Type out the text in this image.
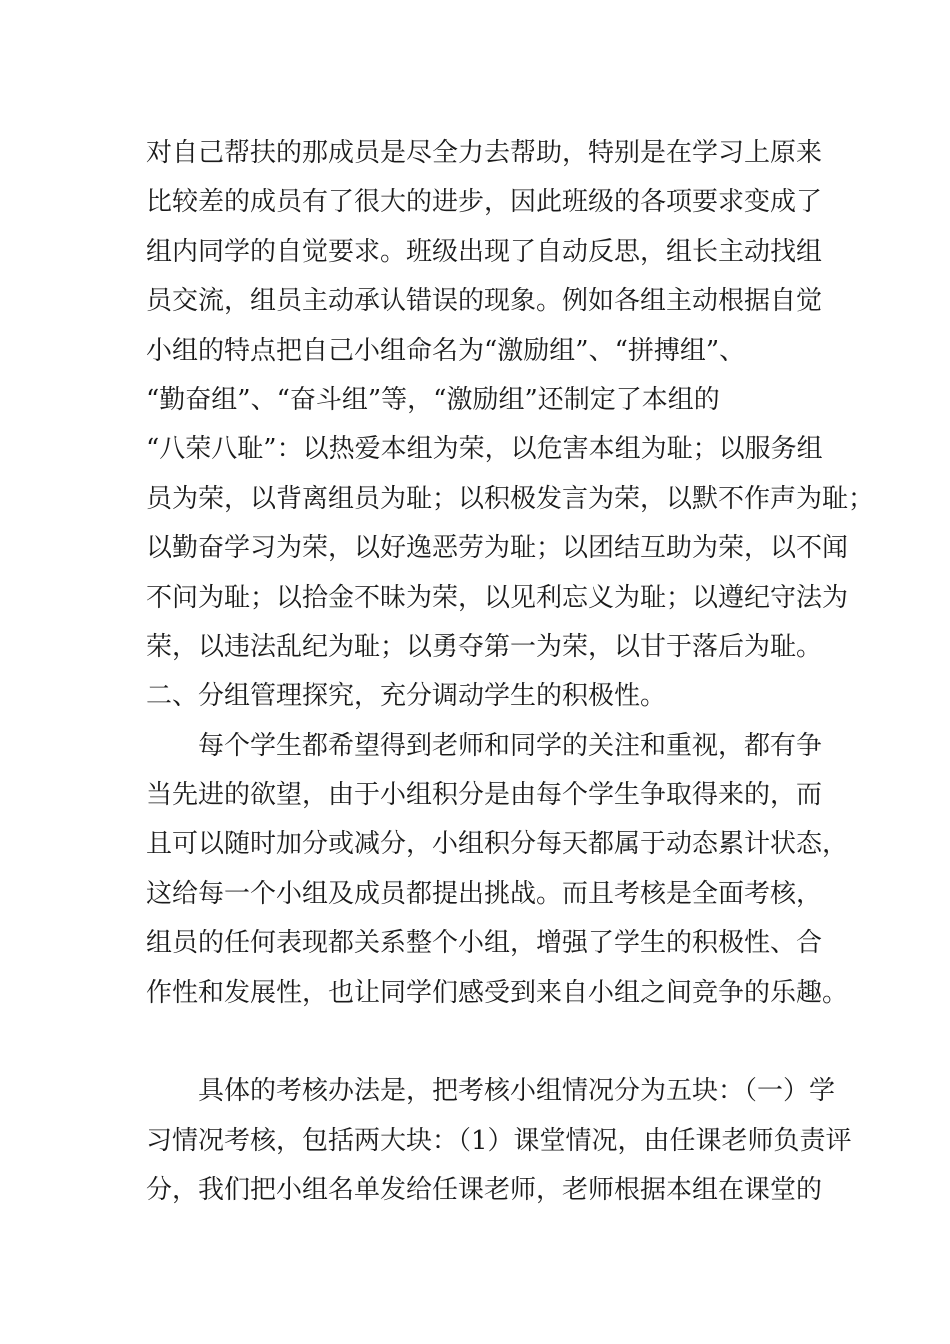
对自己帮扶的那成员是尽全力去帮助，特别是在学习上原来
比较差的成员有了很大的进步，因此班级的各项要求变成了
组内同学的自觉要求。班级出现了自动反思，组长主动找组
员交流，组员主动承认错误的现象。例如各组主动根据自觉
小组的特点把自己小组命名为“激励组”、“拼搏组”、
“勤奋组”、“奋斗组”等，“激励组”还制定了本组的
“八荣八耻”：以热爱本组为荣，以危害本组为耻；以服务组
员为荣，以背离组员为耻；以积极发言为荣，以默不作声为耻；
以勤奋学习为荣，以好逸恶劳为耻；以团结互助为荣，以不闻
不问为耻；以拾金不昧为荣，以见利忘义为耻；以遵纪守法为
荣，以违法乱纪为耻；以勇夺第一为荣，以甘于落后为耻。
二、分组管理探究，充分调动学生的积极性。
　　每个学生都希望得到老师和同学的关注和重视，都有争
当先进的欲望，由于小组积分是由每个学生争取得来的，而
且可以随时加分或减分，小组积分每天都属于动态累计状态，
这给每一个小组及成员都提出挑战。而且考核是全面考核，
组员的任何表现都关系整个小组，增强了学生的积极性、合
作性和发展性，也让同学们感受到来自小组之间竞争的乐趣。
　　具体的考核办法是，把考核小组情况分为五块：（一）学
习情况考核，包括两大块：（1）课堂情况，由任课老师负责评
分，我们把小组名单发给任课老师，老师根据本组在课堂的
